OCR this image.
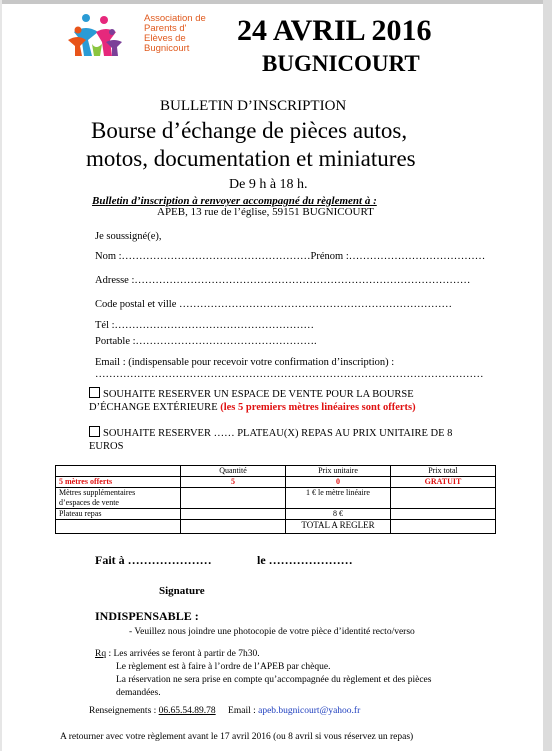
Association de
Parents d'
Elèves de
Bugnicourt
24 AVRIL 2016
BUGNICOURT
BULLETIN D’INSCRIPTION
Bourse d’échange de pièces autos,
motos, documentation et miniatures
De 9 h à 18 h.
Bulletin d’inscription à renvoyer accompagné du règlement à :
APEB, 13 rue de l’église, 59151 BUGNICOURT
Je soussigné(e),
Nom :………………………………………………Prénom :…………………………………
Adresse :……………………………………………………………………………………
Code postal et ville ……………………………………………………………………
Tél :…………………………………………………
Portable :…………………………………………….
Email : (indispensable pour recevoir votre confirmation d’inscription) :
…………………………………………………………………………………………………
SOUHAITE RESERVER UN ESPACE DE VENTE POUR LA BOURSE
D’ÉCHANGE EXTÉRIEURE (les 5 premiers mètres linéaires sont offerts)
SOUHAITE RESERVER …… PLATEAU(X) REPAS AU PRIX UNITAIRE DE 8
EUROS
	Quantité	Prix unitaire	Prix total
5 mètres offerts	5	0	GRATUIT
Mètres supplémentaires
d’espaces de vente		1 € le mètre linéaire	
Plateau repas		8 €	
		TOTAL A REGLER	
Fait à …………………	le …………………
Signature
INDISPENSABLE :
- Veuillez nous joindre une photocopie de votre pièce d’identité recto/verso
Rq : Les arrivées se feront à partir de 7h30.
Le règlement est à faire à l’ordre de l’APEB par chèque.
La réservation ne sera prise en compte qu’accompagnée du règlement et des pièces
demandées.
Renseignements : 06.65.54.89.78 Email : apeb.bugnicourt@yahoo.fr
A retourner avec votre règlement avant le 17 avril 2016 (ou 8 avril si vous réservez un repas)
